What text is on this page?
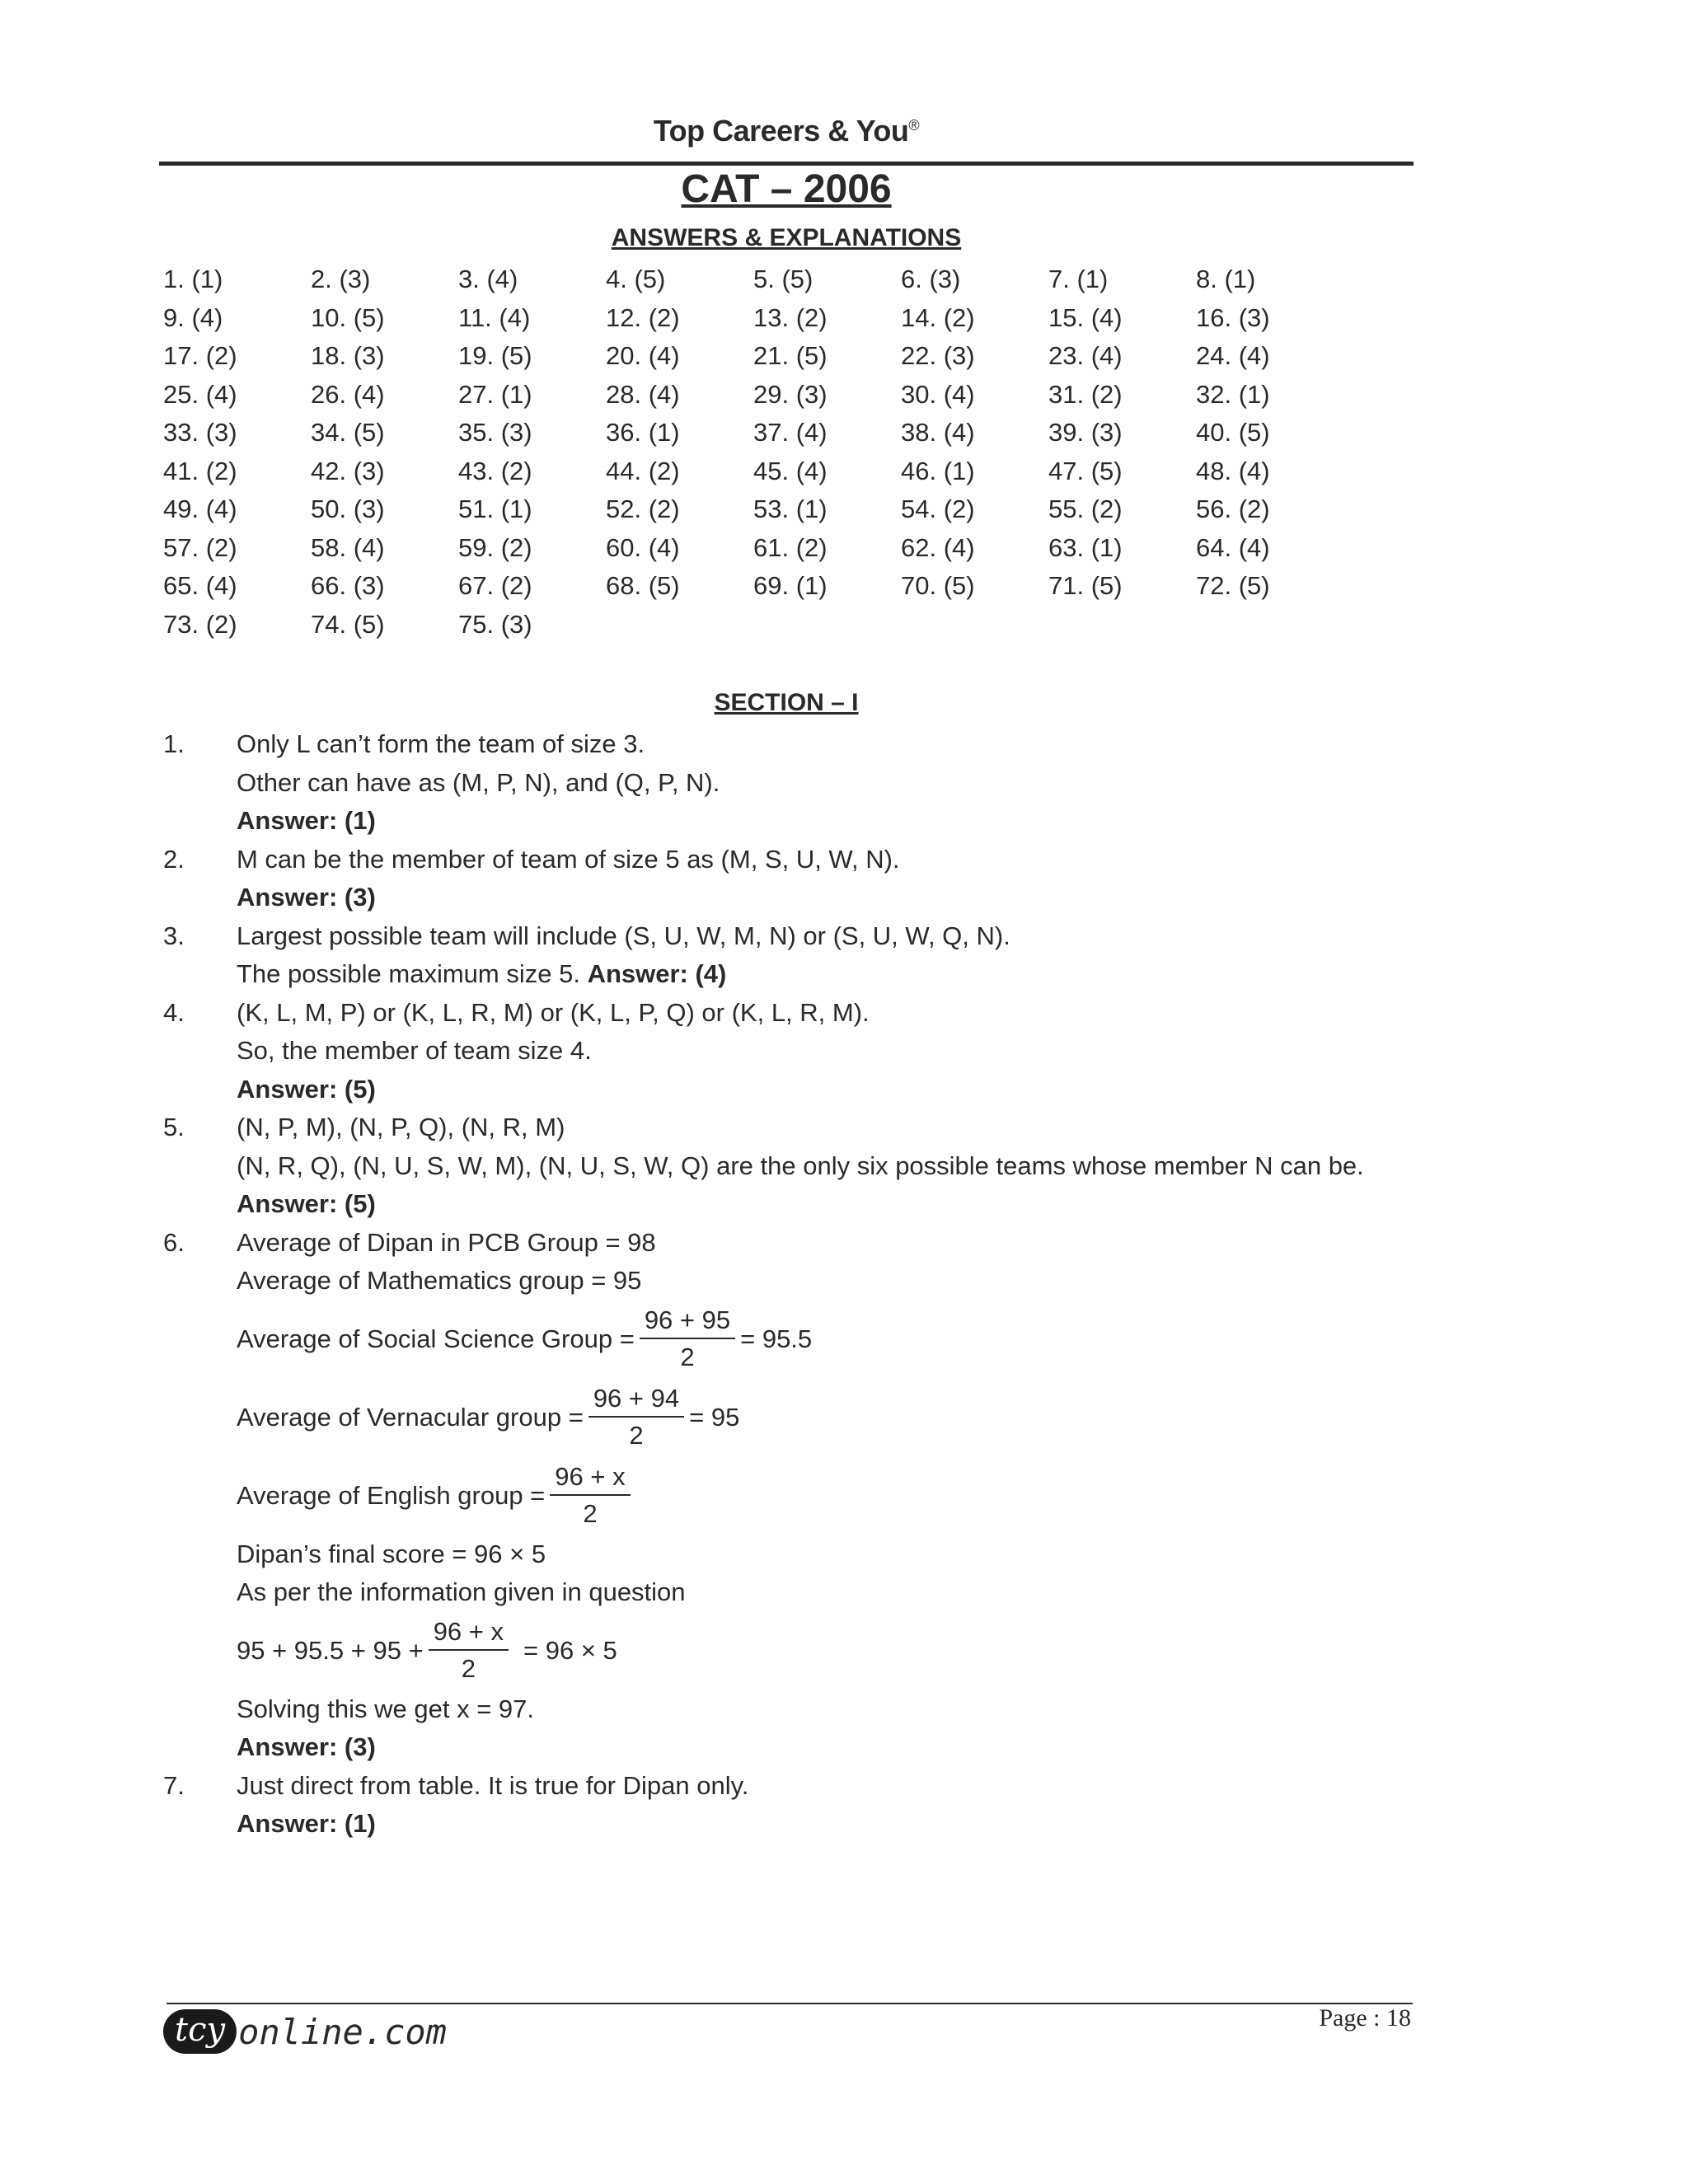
Top Careers & You®
CAT – 2006
ANSWERS & EXPLANATIONS
1. (1)	2. (3)	3. (4)	4. (5)	5. (5)	6. (3)	7. (1)	8. (1)
9. (4)	10. (5)	11. (4)	12. (2)	13. (2)	14. (2)	15. (4)	16. (3)
17. (2)	18. (3)	19. (5)	20. (4)	21. (5)	22. (3)	23. (4)	24. (4)
25. (4)	26. (4)	27. (1)	28. (4)	29. (3)	30. (4)	31. (2)	32. (1)
33. (3)	34. (5)	35. (3)	36. (1)	37. (4)	38. (4)	39. (3)	40. (5)
41. (2)	42. (3)	43. (2)	44. (2)	45. (4)	46. (1)	47. (5)	48. (4)
49. (4)	50. (3)	51. (1)	52. (2)	53. (1)	54. (2)	55. (2)	56. (2)
57. (2)	58. (4)	59. (2)	60. (4)	61. (2)	62. (4)	63. (1)	64. (4)
65. (4)	66. (3)	67. (2)	68. (5)	69. (1)	70. (5)	71. (5)	72. (5)
73. (2)	74. (5)	75. (3)
SECTION – I
1. Only L can’t form the team of size 3.
Other can have as (M, P, N), and (Q, P, N).
Answer: (1)
2. M can be the member of team of size 5 as (M, S, U, W, N).
Answer: (3)
3. Largest possible team will include (S, U, W, M, N) or (S, U, W, Q, N).
The possible maximum size 5. Answer: (4)
4. (K, L, M, P) or (K, L, R, M) or (K, L, P, Q) or (K, L, R, M).
So, the member of team size 4.
Answer: (5)
5. (N, P, M), (N, P, Q), (N, R, M)
(N, R, Q), (N, U, S, W, M), (N, U, S, W, Q) are the only six possible teams whose member N can be.
Answer: (5)
6. Average of Dipan in PCB Group = 98
Average of Mathematics group = 95
Average of Social Science Group = $\frac{96 + 95}{2} = 95.5$
Average of Vernacular group = $\frac{96 + 94}{2} = 95$
Average of English group = $\frac{96 + x}{2}$
Dipan’s final score = 96 × 5
As per the information given in question
$95 + 95.5 + 95 + \frac{96 + x}{2} = 96 \times 5$
Solving this we get x = 97.
Answer: (3)
7. Just direct from table. It is true for Dipan only.
Answer: (1)
tcy online.com	Page : 18
